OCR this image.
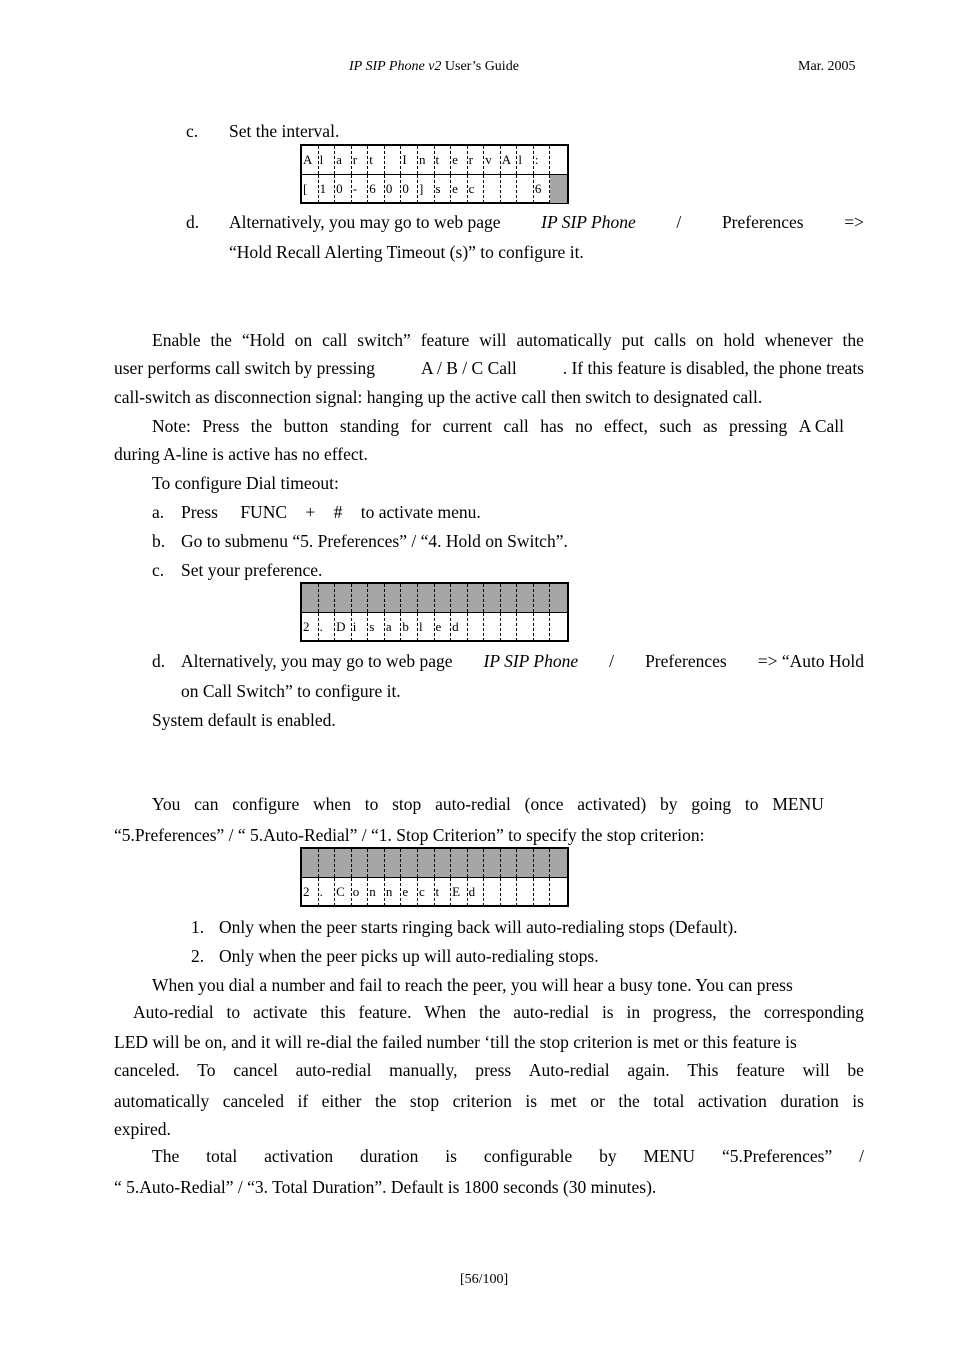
IP SIP Phone v2 User’s Guide	Mar. 2005
c. Set the interval.
A l a r t	I n t e r v A l :
[ 1 0 - 6 0 0 ] s e c	6
d. Alternatively, you may go to web page IP SIP Phone / Preferences =>
“Hold Recall Alerting Timeout (s)” to configure it.
Enable the “Hold on call switch” feature will automatically put calls on hold whenever the
user performs call switch by pressing	A / B / C Call	. If this feature is disabled, the phone treats
call-switch as disconnection signal: hanging up the active call then switch to designated call.
Note: Press the button standing for current call has no effect, such as pressing A Call
during A-line is active has no effect.
To configure Dial timeout:
a. Press FUNC + # to activate menu.
b. Go to submenu “5. Preferences” / “4. Hold on Switch”.
c. Set your preference.
2 .	D i s a b l e d
d. Alternatively, you may go to web page IP SIP Phone / Preferences => “Auto Hold
on Call Switch” to configure it.
System default is enabled.
You can configure when to stop auto-redial (once activated) by going to MENU
“5.Preferences” / “ 5.Auto-Redial” / “1. Stop Criterion” to specify the stop criterion:
2 .	C o n n e c t E d
1. Only when the peer starts ringing back will auto-redialing stops (Default).
2. Only when the peer picks up will auto-redialing stops.
When you dial a number and fail to reach the peer, you will hear a busy tone. You can press
Auto-redial to activate this feature. When the auto-redial is in progress, the corresponding
LED will be on, and it will re-dial the failed number ‘till the stop criterion is met or this feature is
canceled. To cancel auto-redial manually, press Auto-redial again. This feature will be
automatically canceled if either the stop criterion is met or the total activation duration is
expired.
The total activation duration is configurable by MENU “5.Preferences” /
“ 5.Auto-Redial” / “3. Total Duration”. Default is 1800 seconds (30 minutes).
[56/100]
